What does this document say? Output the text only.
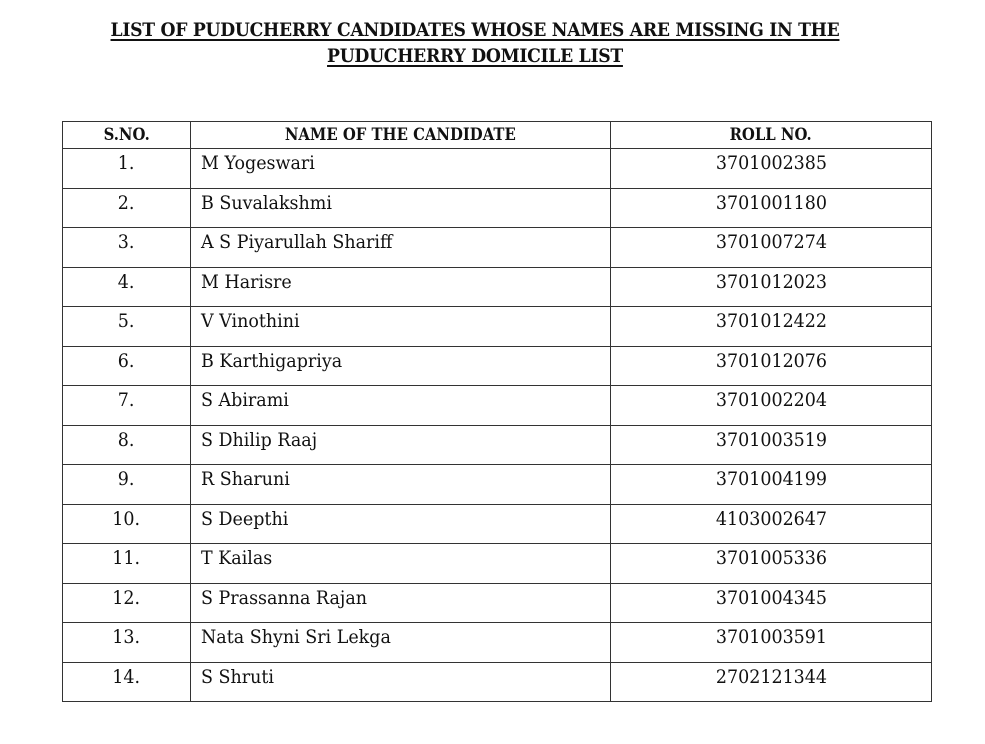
LIST OF PUDUCHERRY CANDIDATES WHOSE NAMES ARE MISSING IN THE
PUDUCHERRY DOMICILE LIST
S.NO.	NAME OF THE CANDIDATE	ROLL NO.
1.	M Yogeswari	3701002385
2.	B Suvalakshmi	3701001180
3.	A S Piyarullah Shariff	3701007274
4.	M Harisre	3701012023
5.	V Vinothini	3701012422
6.	B Karthigapriya	3701012076
7.	S Abirami	3701002204
8.	S Dhilip Raaj	3701003519
9.	R Sharuni	3701004199
10.	S Deepthi	4103002647
11.	T Kailas	3701005336
12.	S Prassanna Rajan	3701004345
13.	Nata Shyni Sri Lekga	3701003591
14.	S Shruti	2702121344
